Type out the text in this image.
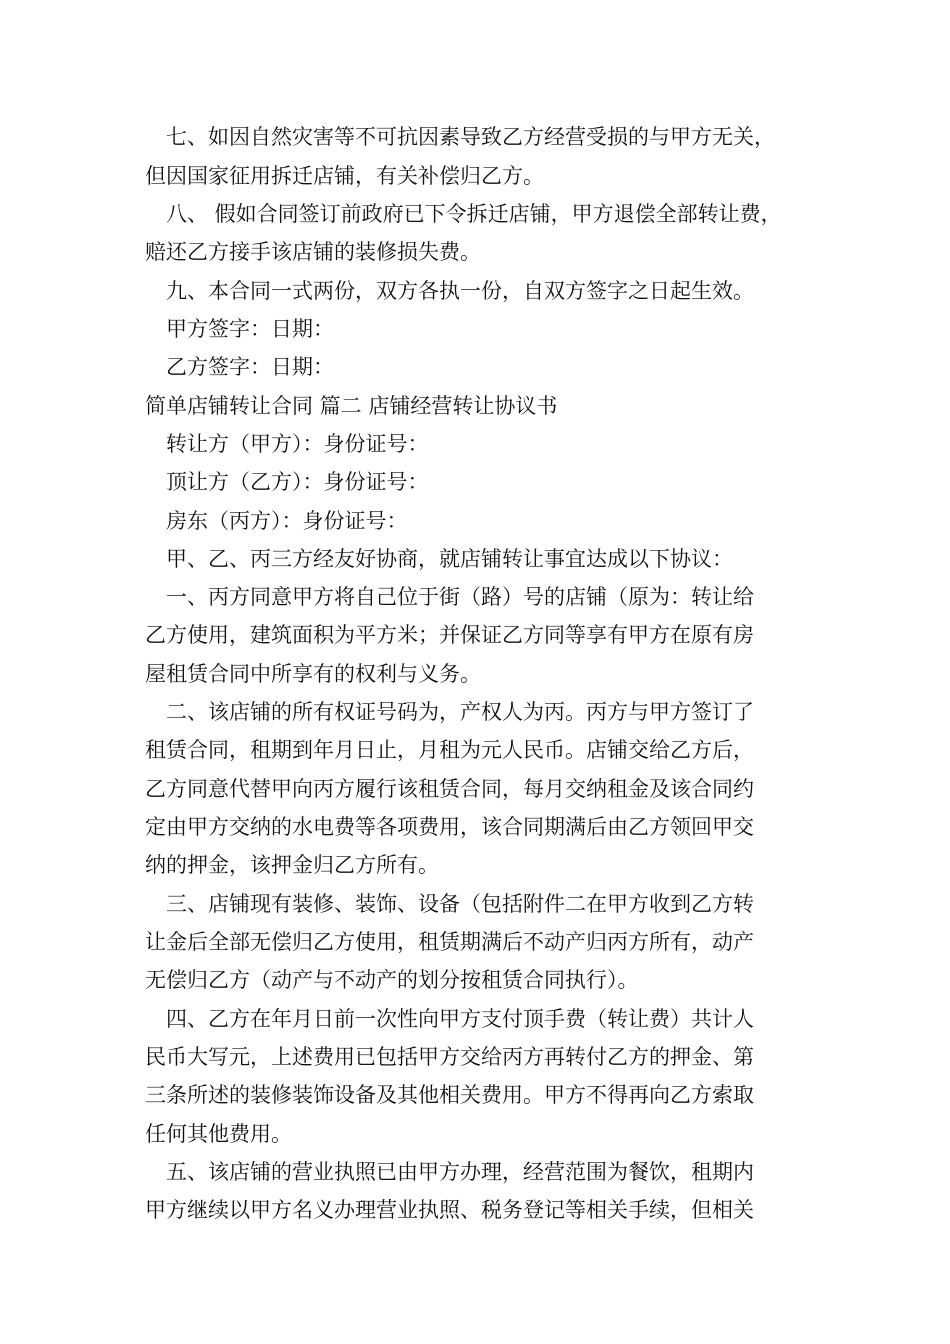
七、如因自然灾害等不可抗因素导致乙方经营受损的与甲方无关，
但因国家征用拆迁店铺，有关补偿归乙方。
八、 假如合同签订前政府已下令拆迁店铺，甲方退偿全部转让费，
赔还乙方接手该店铺的装修损失费。
九、本合同一式两份，双方各执一份，自双方签字之日起生效。
甲方签字：日期：
乙方签字：日期：
简单店铺转让合同 篇二 店铺经营转让协议书
转让方（甲方）：身份证号：
顶让方（乙方）：身份证号：
房东（丙方）：身份证号：
甲、乙、丙三方经友好协商，就店铺转让事宜达成以下协议：
一、丙方同意甲方将自己位于街（路）号的店铺（原为：转让给
乙方使用，建筑面积为平方米；并保证乙方同等享有甲方在原有房
屋租赁合同中所享有的权利与义务。
二、该店铺的所有权证号码为，产权人为丙。丙方与甲方签订了
租赁合同，租期到年月日止，月租为元人民币。店铺交给乙方后，
乙方同意代替甲向丙方履行该租赁合同，每月交纳租金及该合同约
定由甲方交纳的水电费等各项费用，该合同期满后由乙方领回甲交
纳的押金，该押金归乙方所有。
三、店铺现有装修、装饰、设备（包括附件二在甲方收到乙方转
让金后全部无偿归乙方使用，租赁期满后不动产归丙方所有，动产
无偿归乙方（动产与不动产的划分按租赁合同执行）。
四、乙方在年月日前一次性向甲方支付顶手费（转让费）共计人
民币大写元，上述费用已包括甲方交给丙方再转付乙方的押金、第
三条所述的装修装饰设备及其他相关费用。甲方不得再向乙方索取
任何其他费用。
五、该店铺的营业执照已由甲方办理，经营范围为餐饮，租期内
甲方继续以甲方名义办理营业执照、税务登记等相关手续，但相关
